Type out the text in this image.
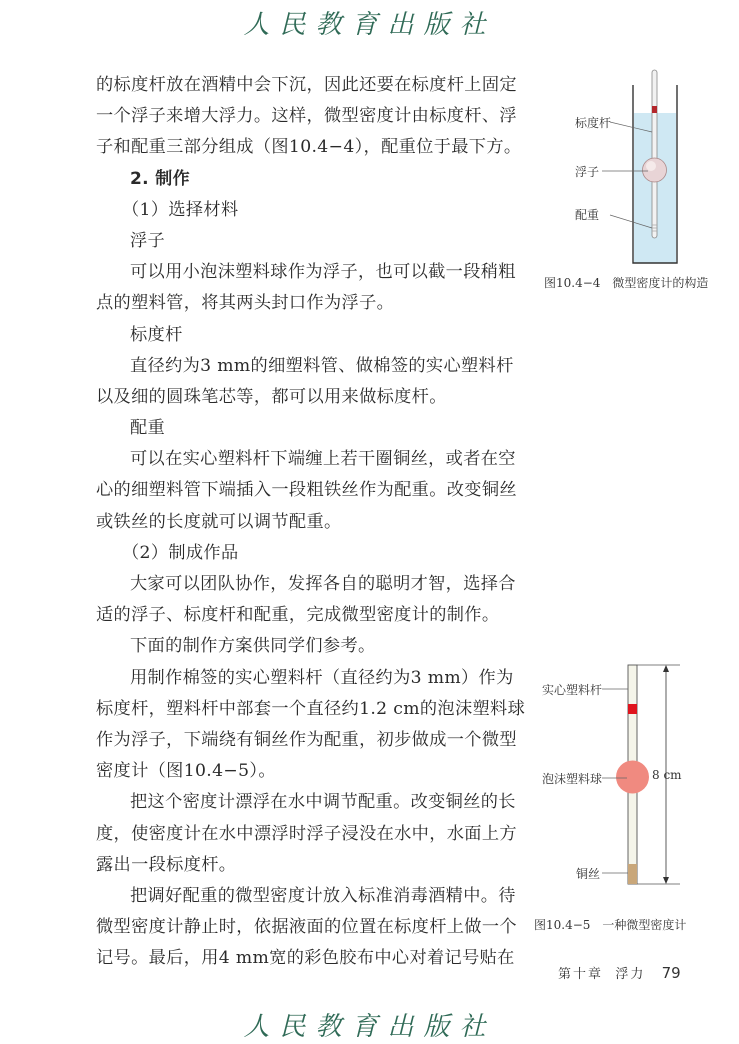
人民教育出版社
的标度杆放在酒精中会下沉，因此还要在标度杆上固定
一个浮子来增大浮力。这样，微型密度计由标度杆、浮
子和配重三部分组成（图10.4−4），配重位于最下方。
2. 制作
（1）选择材料
浮子
可以用小泡沫塑料球作为浮子，也可以截一段稍粗
点的塑料管，将其两头封口作为浮子。
标度杆
直径约为3 mm的细塑料管、做棉签的实心塑料杆
以及细的圆珠笔芯等，都可以用来做标度杆。
配重
可以在实心塑料杆下端缠上若干圈铜丝，或者在空
心的细塑料管下端插入一段粗铁丝作为配重。改变铜丝
或铁丝的长度就可以调节配重。
（2）制成作品
大家可以团队协作，发挥各自的聪明才智，选择合
适的浮子、标度杆和配重，完成微型密度计的制作。
下面的制作方案供同学们参考。
用制作棉签的实心塑料杆（直径约为3 mm）作为
标度杆，塑料杆中部套一个直径约1.2 cm的泡沫塑料球
作为浮子，下端绕有铜丝作为配重，初步做成一个微型
密度计（图10.4−5）。
把这个密度计漂浮在水中调节配重。改变铜丝的长
度，使密度计在水中漂浮时浮子浸没在水中，水面上方
露出一段标度杆。
把调好配重的微型密度计放入标准消毒酒精中。待
微型密度计静止时，依据液面的位置在标度杆上做一个
记号。最后，用4 mm宽的彩色胶布中心对着记号贴在
标度杆
浮子
配重
图10.4−4　微型密度计的构造
实心塑料杆
泡沫塑料球
铜丝
8 cm
图10.4−5　一种微型密度计
第十章 浮力 79
人民教育出版社
